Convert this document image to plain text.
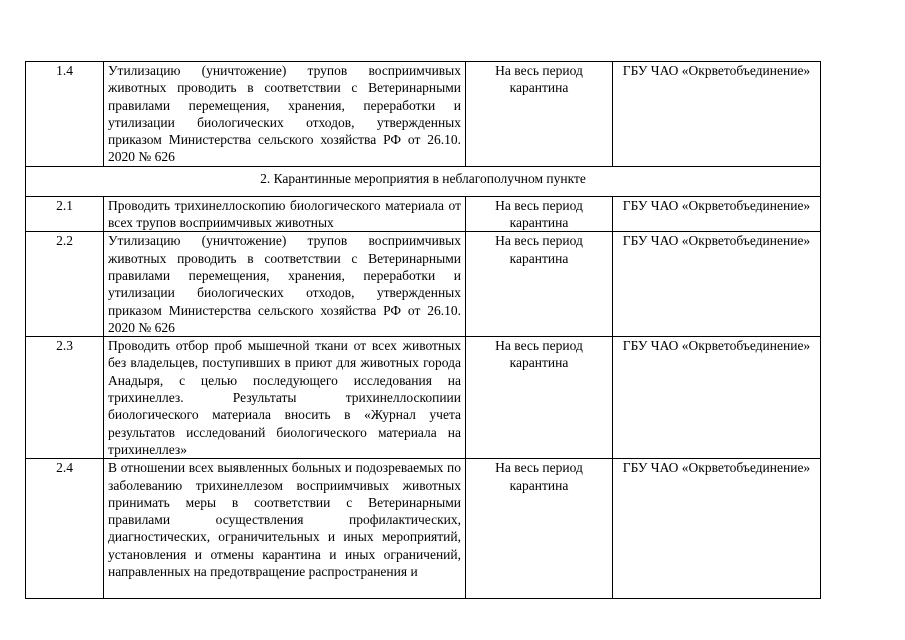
1.4	Утилизацию (уничтожение) трупов восприимчивых животных проводить в соответствии с Ветеринарными правилами перемещения, хранения, переработки и утилизации биологических отходов, утвержденных приказом Министерства сельского хозяйства РФ от 26.10. 2020 № 626	На весь период карантина	ГБУ ЧАО «Окрветобъединение»
2. Карантинные мероприятия в неблагополучном пункте			
2.1	Проводить трихинеллоскопию биологического материала от всех трупов восприимчивых животных	На весь период карантина	ГБУ ЧАО «Окрветобъединение»
2.2	Утилизацию (уничтожение) трупов восприимчивых животных проводить в соответствии с Ветеринарными правилами перемещения, хранения, переработки и утилизации биологических отходов, утвержденных приказом Министерства сельского хозяйства РФ от 26.10. 2020 № 626	На весь период карантина	ГБУ ЧАО «Окрветобъединение»
2.3	Проводить отбор проб мышечной ткани от всех животных без владельцев, поступивших в приют для животных города Анадыря, с целью последующего исследования на трихинеллез. Результаты трихинеллоскопиии биологического материала вносить в «Журнал учета результатов исследований биологического материала на трихинеллез»	На весь период карантина	ГБУ ЧАО «Окрветобъединение»
2.4	В отношении всех выявленных больных и подозреваемых по заболеванию трихинеллезом восприимчивых животных принимать меры в соответствии с Ветеринарными правилами осуществления профилактических, диагностических, ограничительных и иных мероприятий, установления и отмены карантина и иных ограничений, направленных на предотвращение распространения и	На весь период карантина	ГБУ ЧАО «Окрветобъединение»
